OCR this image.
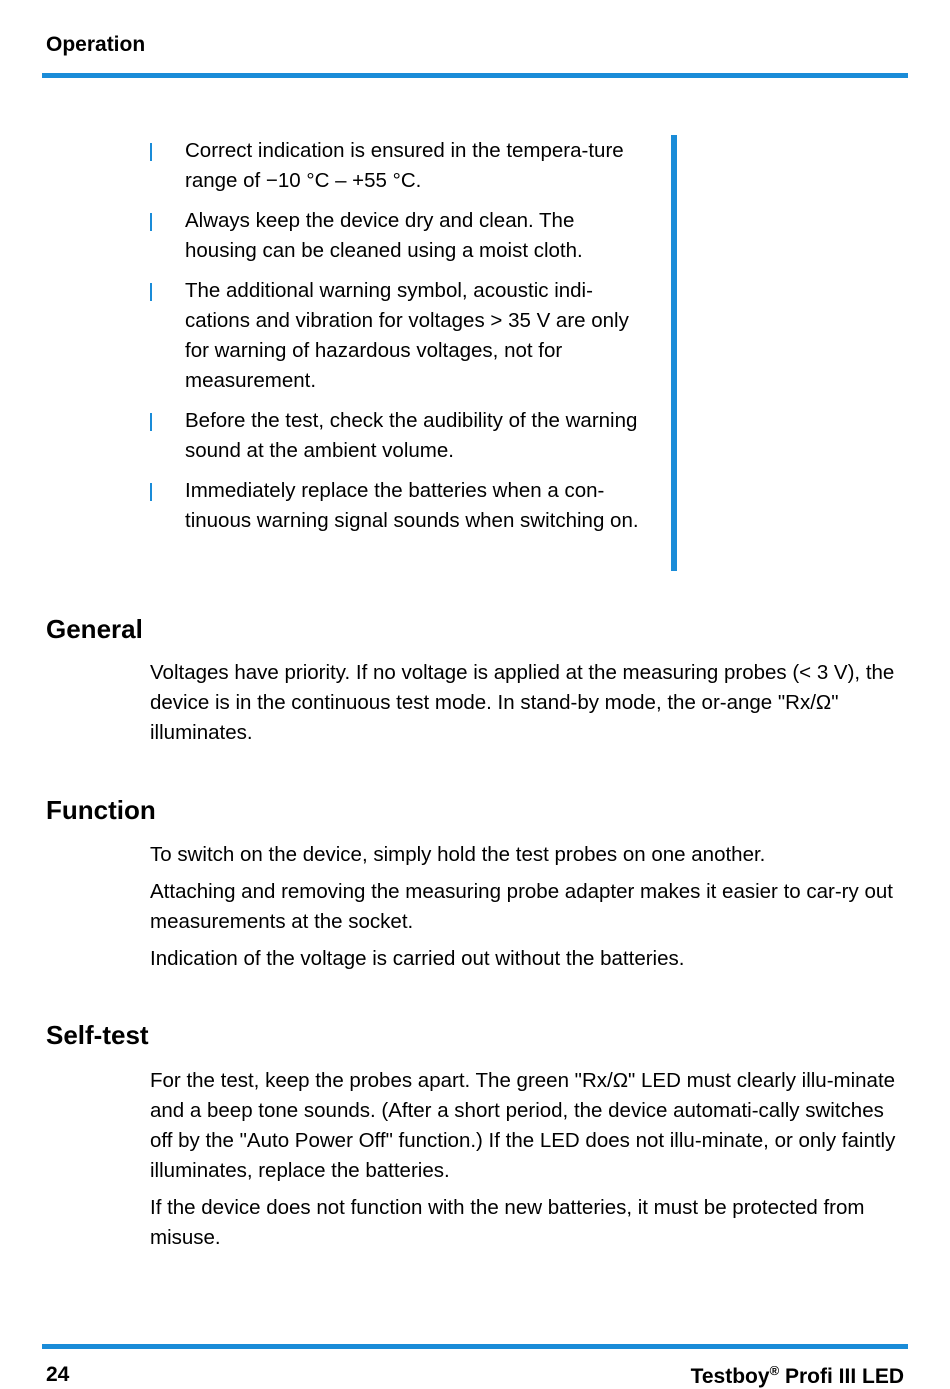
Operation
Correct indication is ensured in the tempera-ture range of −10 °C – +55 °C.
Always keep the device dry and clean. The housing can be cleaned using a moist cloth.
The additional warning symbol, acoustic indi-cations and vibration for voltages > 35 V are only for warning of hazardous voltages, not for measurement.
Before the test, check the audibility of the warning sound at the ambient volume.
Immediately replace the batteries when a con-tinuous warning signal sounds when switching on.
General

Voltages have priority. If no voltage is applied at the measuring probes (< 3 V), the device is in the continuous test mode. In stand-by mode, the or-ange "Rx/Ω" illuminates.

Function

To switch on the device, simply hold the test probes on one another.

Attaching and removing the measuring probe adapter makes it easier to car-ry out measurements at the socket.

Indication of the voltage is carried out without the batteries.

Self-test

For the test, keep the probes apart. The green "Rx/Ω" LED must clearly illu-minate and a beep tone sounds. (After a short period, the device automati-cally switches off by the "Auto Power Off" function.) If the LED does not illu-minate, or only faintly illuminates, replace the batteries.

If the device does not function with the new batteries, it must be protected from misuse.

24	Testboy® Profi III LED
